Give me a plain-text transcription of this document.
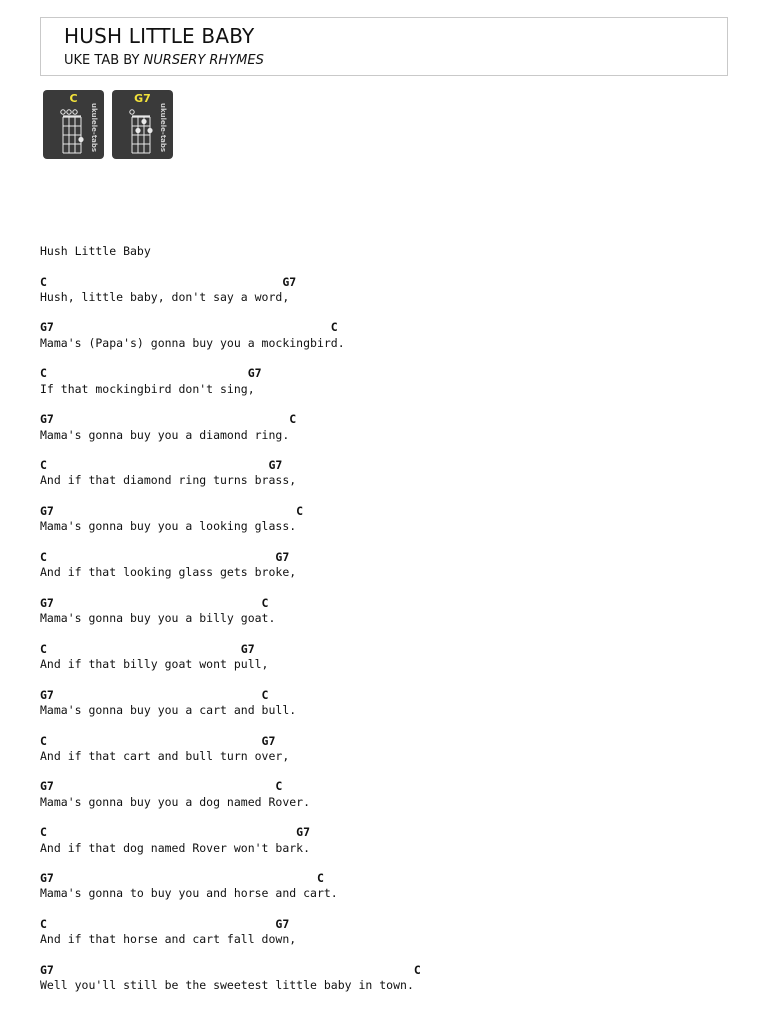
HUSH LITTLE BABY
UKE TAB BY NURSERY RHYMES
C
ukulele-tabs
G7
ukulele-tabs
Hush Little Baby
C                                  G7
Hush, little baby, don't say a word,
G7                                        C
Mama's (Papa's) gonna buy you a mockingbird.
C                             G7
If that mockingbird don't sing,
G7                                  C
Mama's gonna buy you a diamond ring.
C                                G7
And if that diamond ring turns brass,
G7                                   C
Mama's gonna buy you a looking glass.
C                                 G7
And if that looking glass gets broke,
G7                              C
Mama's gonna buy you a billy goat.
C                            G7
And if that billy goat wont pull,
G7                              C
Mama's gonna buy you a cart and bull.
C                               G7
And if that cart and bull turn over,
G7                                C
Mama's gonna buy you a dog named Rover.
C                                    G7
And if that dog named Rover won't bark.
G7                                      C
Mama's gonna to buy you and horse and cart.
C                                 G7
And if that horse and cart fall down,
G7                                                    C
Well you'll still be the sweetest little baby in town.
